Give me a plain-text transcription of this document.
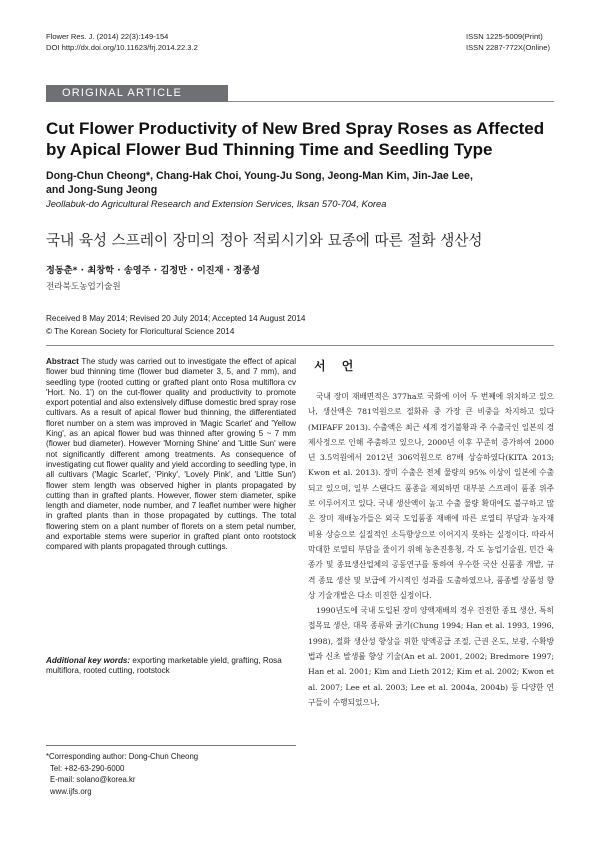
Flower Res. J. (2014) 22(3):149-154
DOI http://dx.doi.org/10.11623/frj.2014.22.3.2
ISSN 1225-5009(Print)
ISSN 2287-772X(Online)
ORIGINAL ARTICLE
Cut Flower Productivity of New Bred Spray Roses as Affected by Apical Flower Bud Thinning Time and Seedling Type
Dong-Chun Cheong*, Chang-Hak Choi, Young-Ju Song, Jeong-Man Kim, Jin-Jae Lee,
and Jong-Sung Jeong
Jeollabuk-do Agricultural Research and Extension Services, Iksan 570-704, Korea
국내 육성 스프레이 장미의 정아 적뢰시기와 묘종에 따른 절화 생산성
정동춘* · 최창학 · 송영주 · 김정만 · 이진재 · 정종성
전라북도농업기술원
Received 8 May 2014; Revised 20 July 2014; Accepted 14 August 2014
© The Korean Society for Floricultural Science 2014
Abstract The study was carried out to investigate the effect of apical flower bud thinning time (flower bud diameter 3, 5, and 7 mm), and seedling type (rooted cutting or grafted plant onto Rosa multiflora cv 'Hort. No. 1') on the cut-flower quality and productivity to promote export potential and also extensively diffuse domestic bred spray rose cultivars. As a result of apical flower bud thinning, the differentiated floret number on a stem was improved in 'Magic Scarlet' and 'Yellow King', as an apical flower bud was thinned after growing 5 ~ 7 mm (flower bud diameter). However 'Morning Shine' and 'Little Sun' were not significantly different among treatments. As consequence of investigating cut flower quality and yield according to seedling type, in all cultivars ('Magic Scarlet', 'Pinky', 'Lovely Pink', and 'Little Sun') flower stem length was observed higher in plants propagated by cutting than in grafted plants. However, flower stem diameter, spike length and diameter, node number, and 7 leaflet number were higher in grafted plants than in those propagated by cuttings. The total flowering stem on a plant number of florets on a stem petal number, and exportable stems were superior in grafted plant onto rootstock compared with plants propagated through cuttings.
Additional key words: exporting marketable yield, grafting, Rosa multiflora, rooted cutting, rootstock
*Corresponding author: Dong-Chun Cheong
Tel: +82-63-290-6000
E-mail: solano@korea.kr
www.ijfs.org
서 언

국내 장미 재배면적은 377ha로 국화에 이어 두 번째에 위치하고 있으나, 생산액은 781억원으로 절화류 중 가장 큰 비중을 차지하고 있다(MIFAFF 2013). 수출액은 최근 세계 경기불황과 주 수출국인 일본의 경제사정으로 인해 주춤하고 있으나, 2000년 이후 꾸준히 증가하여 2000년 3.5억원에서 2012년 306억원으로 87배 상승하였다(KITA 2013; Kwon et al. 2013). 장미 수출은 전체 물량의 95% 이상이 일본에 수출되고 있으며, 일부 스탠다드 품종을 제외하면 대부분 스프레이 품종 위주로 이루어지고 있다. 국내 생산액이 높고 수출 물량 확대에도 불구하고 많은 장미 재배농가들은 외국 도입품종 재배에 따른 로열티 부담과 농자재 비용 상승으로 실질적인 소득향상으로 이어지지 못하는 실정이다. 따라서 막대한 로열티 부담을 줄이기 위해 농촌진흥청, 각 도 농업기술원, 민간 육종가 및 종묘생산업체의 공동연구를 통하여 우수한 국산 신품종 개발, 규격 종묘 생산 및 보급에 가시적인 성과를 도출하였으나, 품종별 상품성 향상 기술개발은 다소 미진한 실정이다.

1990년도에 국내 도입된 장미 양액재배의 경우 건전한 종묘 생산, 특히 접목묘 생산, 대목 종류와 굵기(Chung 1994; Han et al. 1993, 1996, 1998), 절화 생산성 향상을 위한 양액공급 조절, 근권 온도, 보광, 수확방법과 신초 발생률 향상 기술(An et al. 2001, 2002; Bredmore 1997; Han et al. 2001; Kim and Lieth 2012; Kim et al. 2002; Kwon et al. 2007; Lee et al. 2003; Lee et al. 2004a, 2004b) 등 다양한 연구들이 수행되었으나,
